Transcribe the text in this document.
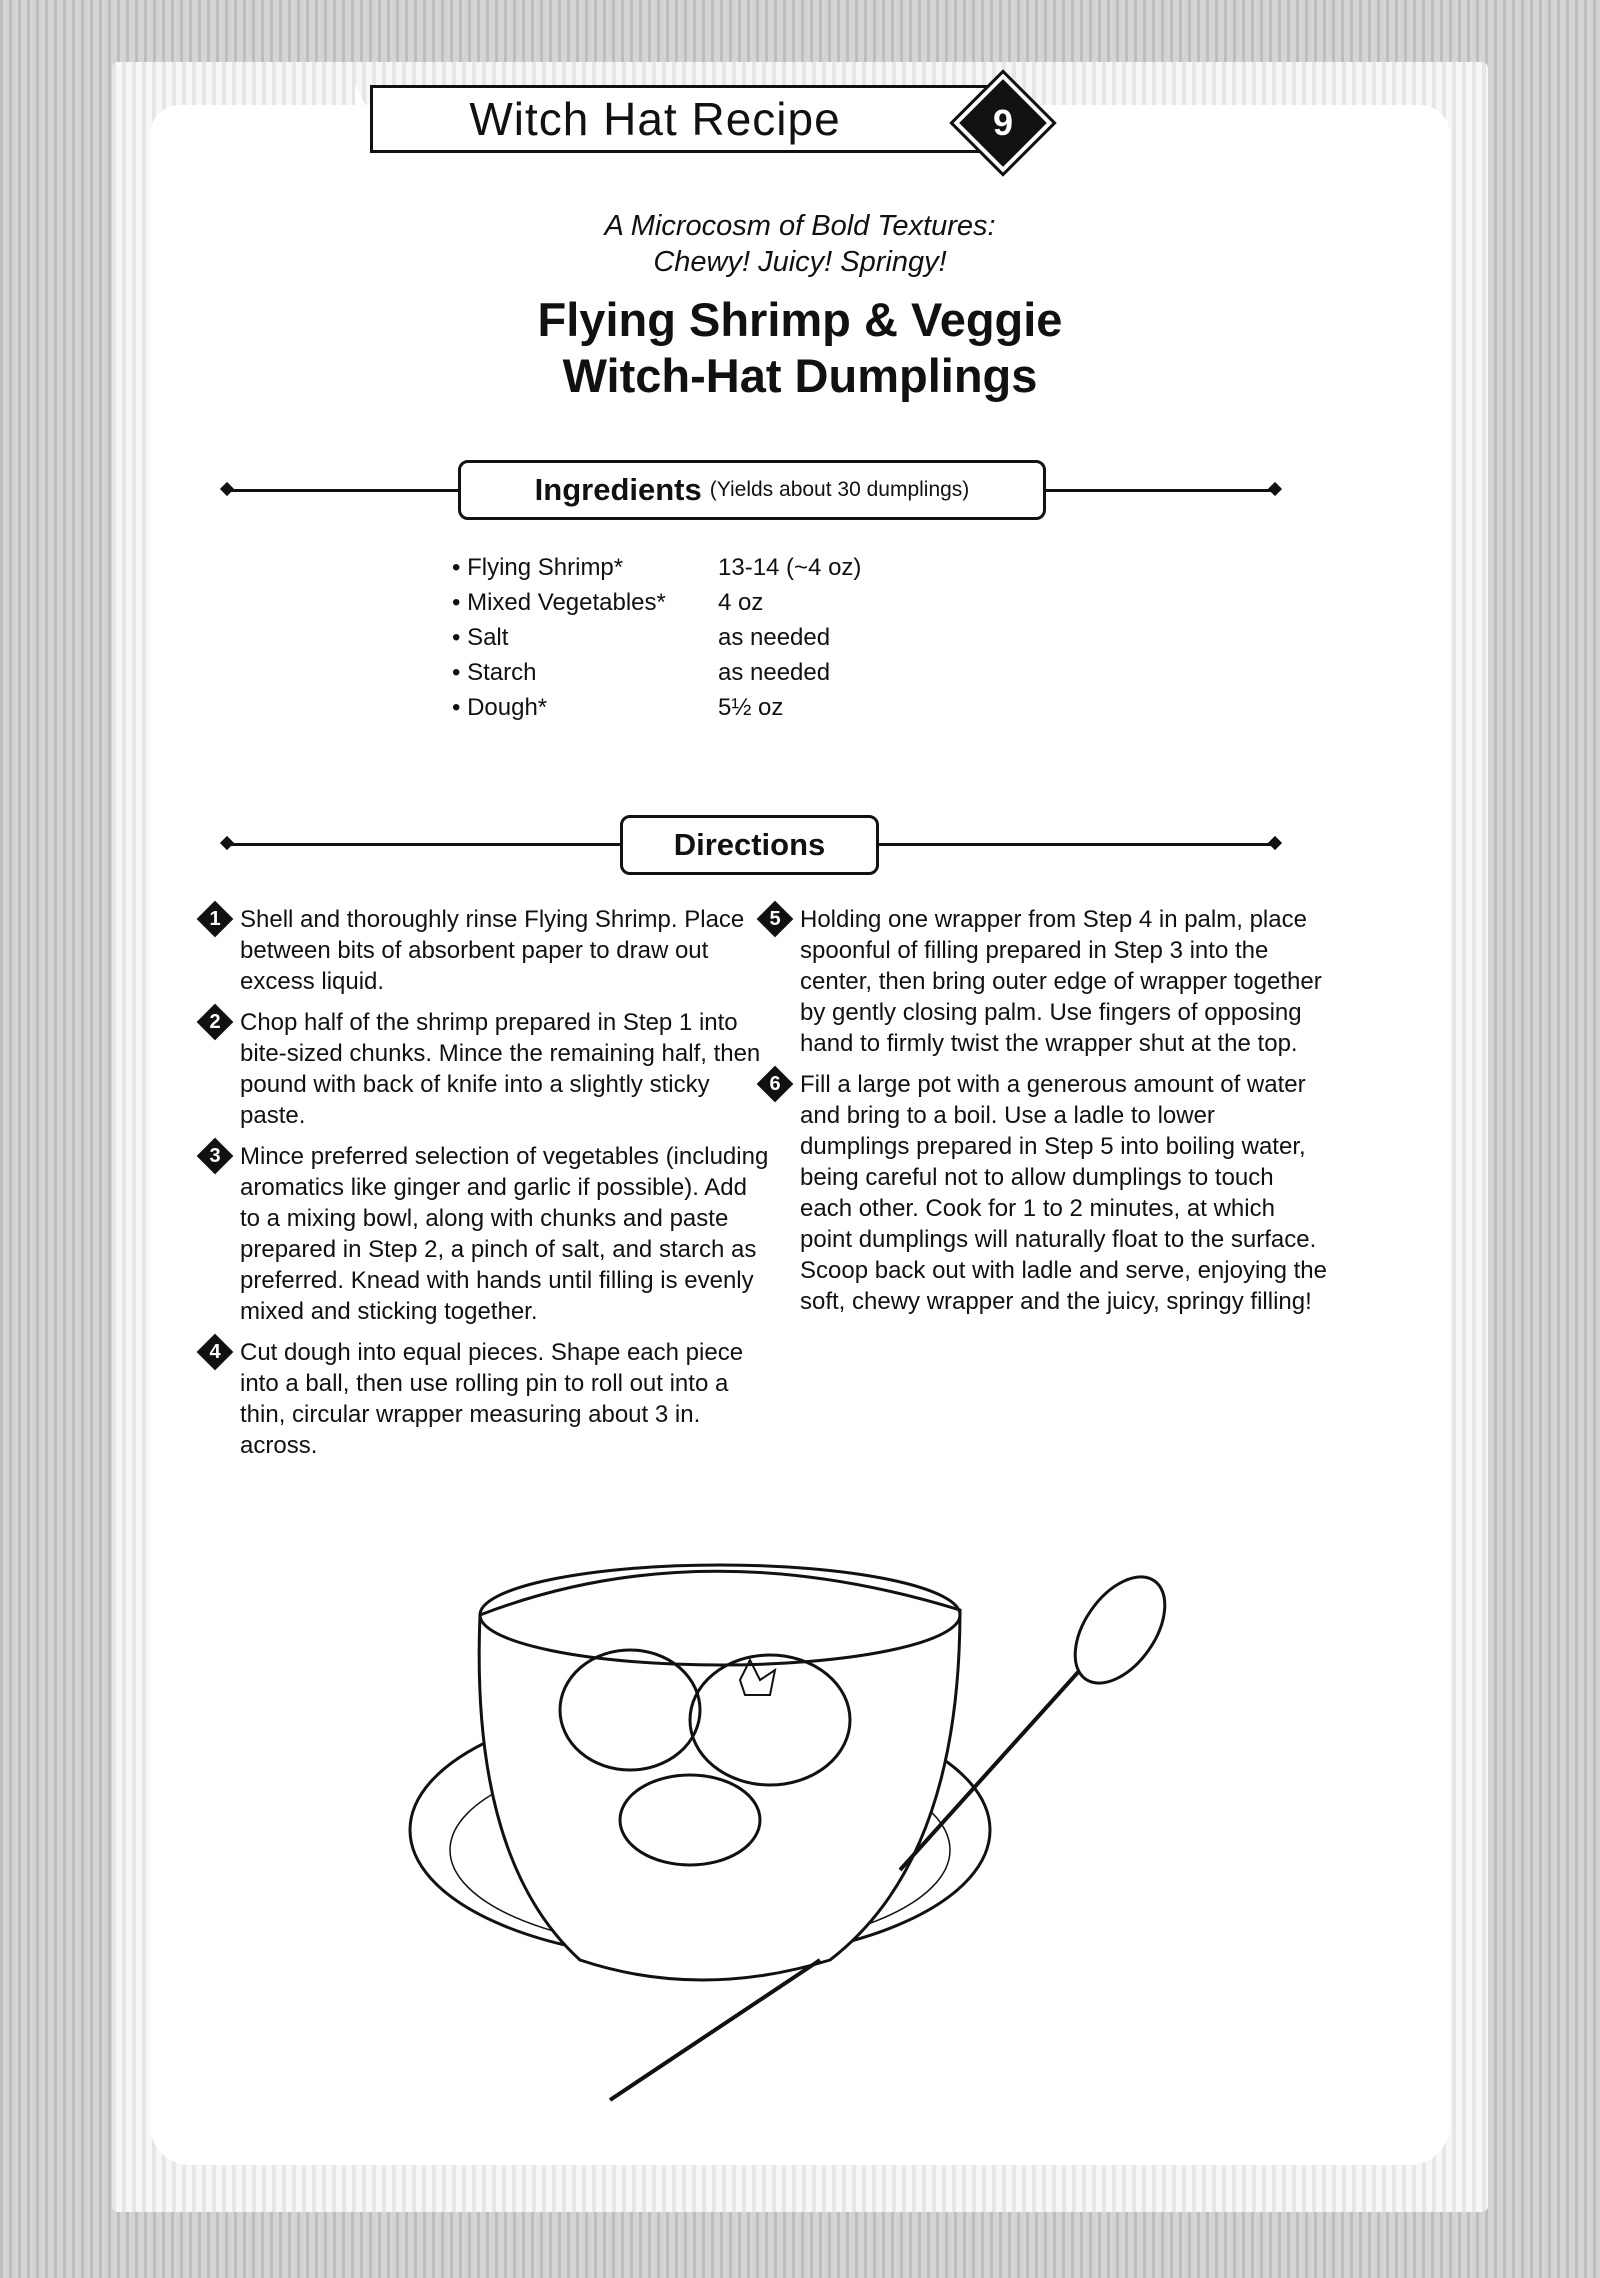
Witch Hat Recipe	9
A Microcosm of Bold Textures:
Chewy! Juicy! Springy!
Flying Shrimp & Veggie
Witch-Hat Dumplings
Ingredients (Yields about 30 dumplings)
• Flying Shrimp*	13-14 (~4 oz)
• Mixed Vegetables*	4 oz
• Salt	as needed
• Starch	as needed
• Dough*	5½ oz
Directions
1 Shell and thoroughly rinse Flying Shrimp. Place between bits of absorbent paper to draw out excess liquid.
2 Chop half of the shrimp prepared in Step 1 into bite-sized chunks. Mince the remaining half, then pound with back of knife into a slightly sticky paste.
3 Mince preferred selection of vegetables (including aromatics like ginger and garlic if possible). Add to a mixing bowl, along with chunks and paste prepared in Step 2, a pinch of salt, and starch as preferred. Knead with hands until filling is evenly mixed and sticking together.
4 Cut dough into equal pieces. Shape each piece into a ball, then use rolling pin to roll out into a thin, circular wrapper measuring about 3 in. across.
5 Holding one wrapper from Step 4 in palm, place spoonful of filling prepared in Step 3 into the center, then bring outer edge of wrapper together by gently closing palm. Use fingers of opposing hand to firmly twist the wrapper shut at the top.
6 Fill a large pot with a generous amount of water and bring to a boil. Use a ladle to lower dumplings prepared in Step 5 into boiling water, being careful not to allow dumplings to touch each other. Cook for 1 to 2 minutes, at which point dumplings will naturally float to the surface. Scoop back out with ladle and serve, enjoying the soft, chewy wrapper and the juicy, springy filling!
